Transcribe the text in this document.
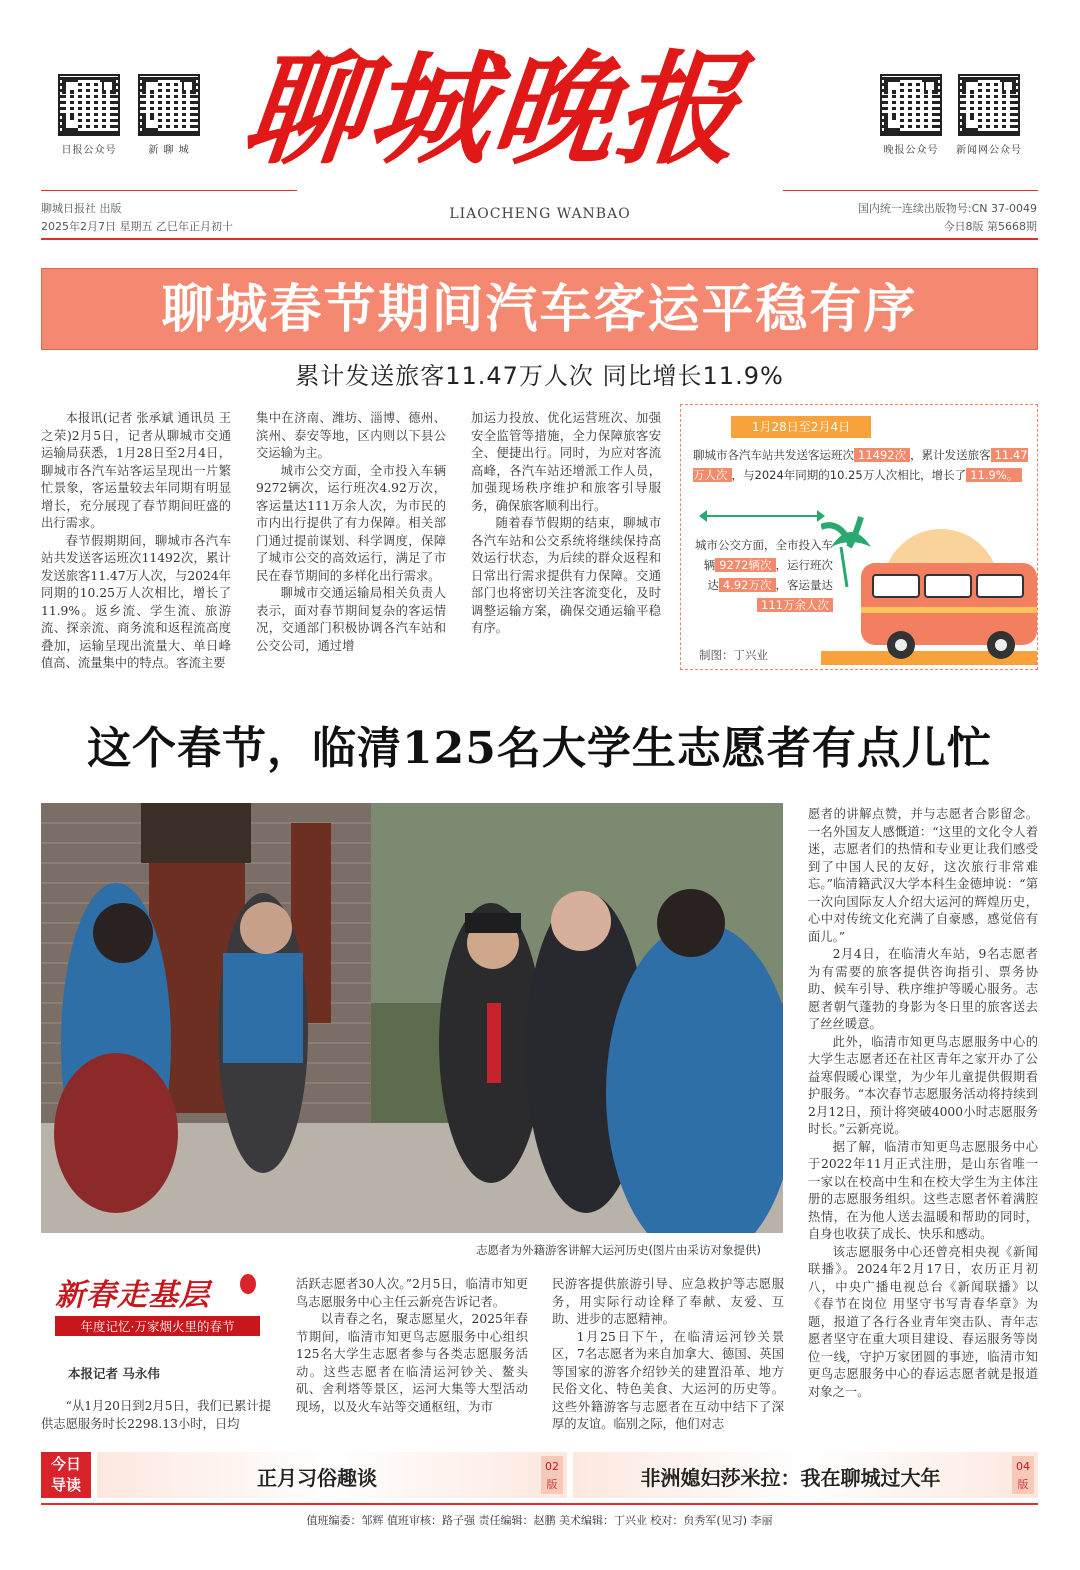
日报公众号	新 聊 城	晚报公众号	新闻网公众号
聊城晚报
聊城日报社 出版
2025年2月7日 星期五 乙巳年正月初十
LIAOCHENG WANBAO	国内统一连续出版物号:CN 37-0049
今日8版 第5668期
聊城春节期间汽车客运平稳有序
累计发送旅客11.47万人次 同比增长11.9%

本报讯(记者 张承斌 通讯员 王之荣)2月5日，记者从聊城市交通运输局获悉，1月28日至2月4日，聊城市各汽车站客运呈现出一片繁忙景象，客运量较去年同期有明显增长，充分展现了春节期间旺盛的出行需求。

春节假期期间，聊城市各汽车站共发送客运班次11492次，累计发送旅客11.47万人次，与2024年同期的10.25万人次相比，增长了11.9%。返乡流、学生流、旅游流、探亲流、商务流和返程流高度叠加，运输呈现出流量大、单日峰值高、流量集中的特点。客流主要

集中在济南、潍坊、淄博、德州、滨州、泰安等地，区内则以下县公交运输为主。

城市公交方面，全市投入车辆9272辆次，运行班次4.92万次，客运量达111万余人次，为市民的市内出行提供了有力保障。相关部门通过提前谋划、科学调度，保障了城市公交的高效运行，满足了市民在春节期间的多样化出行需求。

聊城市交通运输局相关负责人表示，面对春节期间复杂的客运情况，交通部门积极协调各汽车站和公交公司，通过增

加运力投放、优化运营班次、加强安全监管等措施，全力保障旅客安全、便捷出行。同时，为应对客流高峰，各汽车站还增派工作人员，加强现场秩序维护和旅客引导服务，确保旅客顺利出行。

随着春节假期的结束，聊城市各汽车站和公交系统将继续保持高效运行状态，为后续的群众返程和日常出行需求提供有力保障。交通部门也将密切关注客流变化，及时调整运输方案，确保交通运输平稳有序。

1月28日至2月4日
聊城市各汽车站共发送客运班次 11492次 ，累计发送旅客 11.47万人次 ，与2024年同期的10.25万人次相比，增长了 11.9%。
城市公交方面，全市投入车辆 9272辆次 ，运行班次达 4.92万次 ，客运量达111万余人次
制图：丁兴业
这个春节，临清125名大学生志愿者有点儿忙
志愿者为外籍游客讲解大运河历史(图片由采访对象提供)

愿者的讲解点赞，并与志愿者合影留念。一名外国友人感慨道：“这里的文化令人着迷，志愿者们的热情和专业更让我们感受到了中国人民的友好，这次旅行非常难忘。”临清籍武汉大学本科生金德坤说：“第一次向国际友人介绍大运河的辉煌历史，心中对传统文化充满了自豪感，感觉倍有面儿。”

2月4日，在临清火车站，9名志愿者为有需要的旅客提供咨询指引、票务协助、候车引导、秩序维护等暖心服务。志愿者朝气蓬勃的身影为冬日里的旅客送去了丝丝暖意。

此外，临清市知更鸟志愿服务中心的大学生志愿者还在社区青年之家开办了公益寒假暖心课堂，为少年儿童提供假期看护服务。“本次春节志愿服务活动将持续到2月12日，预计将突破4000小时志愿服务时长。”云新亮说。

据了解，临清市知更鸟志愿服务中心于2022年11月正式注册，是山东省唯一一家以在校高中生和在校大学生为主体注册的志愿服务组织。这些志愿者怀着满腔热情，在为他人送去温暖和帮助的同时，自身也收获了成长、快乐和感动。

该志愿服务中心还曾亮相央视《新闻联播》。2024年2月17日，农历正月初八，中央广播电视总台《新闻联播》以《春节在岗位 用坚守书写青春华章》为题，报道了各行各业青年突击队、青年志愿者坚守在重大项目建设、春运服务等岗位一线，守护万家团圆的事迹，临清市知更鸟志愿服务中心的春运志愿者就是报道对象之一。

新春走基层
年度记忆·万家烟火里的春节
本报记者 马永伟

“从1月20日到2月5日，我们已累计提供志愿服务时长2298.13小时，日均

活跃志愿者30人次。”2月5日，临清市知更鸟志愿服务中心主任云新亮告诉记者。

以青春之名，聚志愿星火，2025年春节期间，临清市知更鸟志愿服务中心组织125名大学生志愿者参与各类志愿服务活动。这些志愿者在临清运河钞关、鳌头矶、舍利塔等景区，运河大集等大型活动现场，以及火车站等交通枢纽，为市

民游客提供旅游引导、应急救护等志愿服务，用实际行动诠释了奉献、友爱、互助、进步的志愿精神。

1月25日下午，在临清运河钞关景区，7名志愿者为来自加拿大、德国、英国等国家的游客介绍钞关的建置沿革、地方民俗文化、特色美食、大运河的历史等。这些外籍游客与志愿者在互动中结下了深厚的友谊。临别之际，他们对志

今日
导读	正月习俗趣谈	02
版	非洲媳妇莎米拉：我在聊城过大年	04
版
值班编委：邹辉 值班审核：路子强 责任编辑：赵鹏 美术编辑：丁兴业 校对：贠秀军(见习) 李丽
